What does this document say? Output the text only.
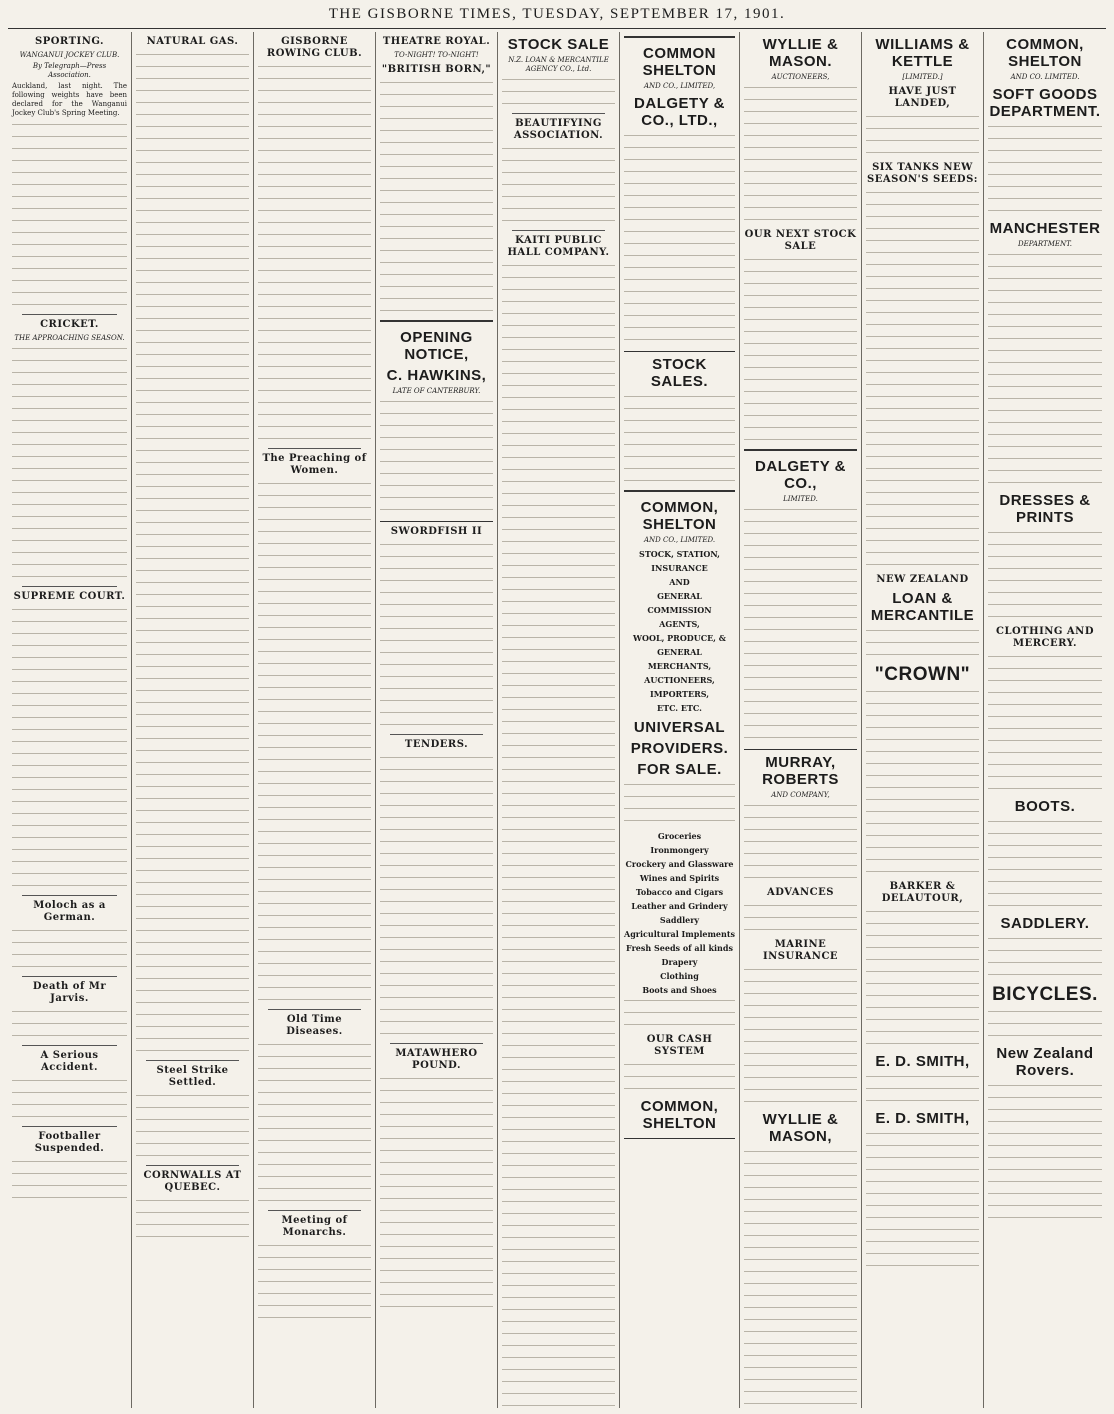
THE GISBORNE TIMES, TUESDAY, SEPTEMBER 17, 1901.
SPORTING.
WANGANUI JOCKEY CLUB.
By Telegraph—Press Association.
Auckland, last night. The following weights have been declared for the Wanganui Jockey Club's Spring Meeting.
CRICKET.
THE APPROACHING SEASON.
SUPREME COURT.
Moloch as a German.
Death of Mr Jarvis.
A Serious Accident.
Footballer Suspended.
NATURAL GAS.
Steel Strike Settled.
CORNWALLS AT QUEBEC.
GISBORNE ROWING CLUB.
The Preaching of Women.
Old Time Diseases.
Meeting of Monarchs.
THEATRE ROYAL.
TO-NIGHT! TO-NIGHT!
"BRITISH BORN,"
OPENING NOTICE,
C. HAWKINS,
LATE OF CANTERBURY.
SWORDFISH II
TENDERS.
MATAWHERO POUND.
STOCK SALE
N.Z. LOAN & MERCANTILE AGENCY CO., Ltd.
BEAUTIFYING ASSOCIATION.
KAITI PUBLIC HALL COMPANY.
COMMON SHELTON
AND CO., LIMITED,
DALGETY & CO., LTD.,
STOCK SALES.
COMMON, SHELTON
AND CO., LIMITED.
STOCK, STATION, INSURANCE
AND
GENERAL COMMISSION
AGENTS,
WOOL, PRODUCE, & GENERAL
MERCHANTS,
AUCTIONEERS, IMPORTERS,
ETC. ETC.
UNIVERSAL
PROVIDERS.
FOR SALE.
Groceries
Ironmongery
Crockery and Glassware
Wines and Spirits
Tobacco and Cigars
Leather and Grindery
Saddlery
Agricultural Implements
Fresh Seeds of all kinds
Drapery
Clothing
Boots and Shoes
OUR CASH SYSTEM
COMMON, SHELTON
WYLLIE & MASON.
AUCTIONEERS,
OUR NEXT STOCK SALE
DALGETY & CO.,
LIMITED.
MURRAY, ROBERTS
AND COMPANY,
ADVANCES
MARINE INSURANCE
WYLLIE & MASON,
WILLIAMS & KETTLE
[LIMITED.]
HAVE JUST LANDED,
SIX TANKS NEW SEASON'S SEEDS:
NEW ZEALAND
LOAN & MERCANTILE
"CROWN"
BARKER & DELAUTOUR,
E. D. SMITH,
E. D. SMITH,
COMMON, SHELTON
AND CO. LIMITED.
SOFT GOODS DEPARTMENT.
MANCHESTER
DEPARTMENT.
DRESSES & PRINTS
CLOTHING AND MERCERY.
BOOTS.
SADDLERY.
BICYCLES.
New Zealand Rovers.
